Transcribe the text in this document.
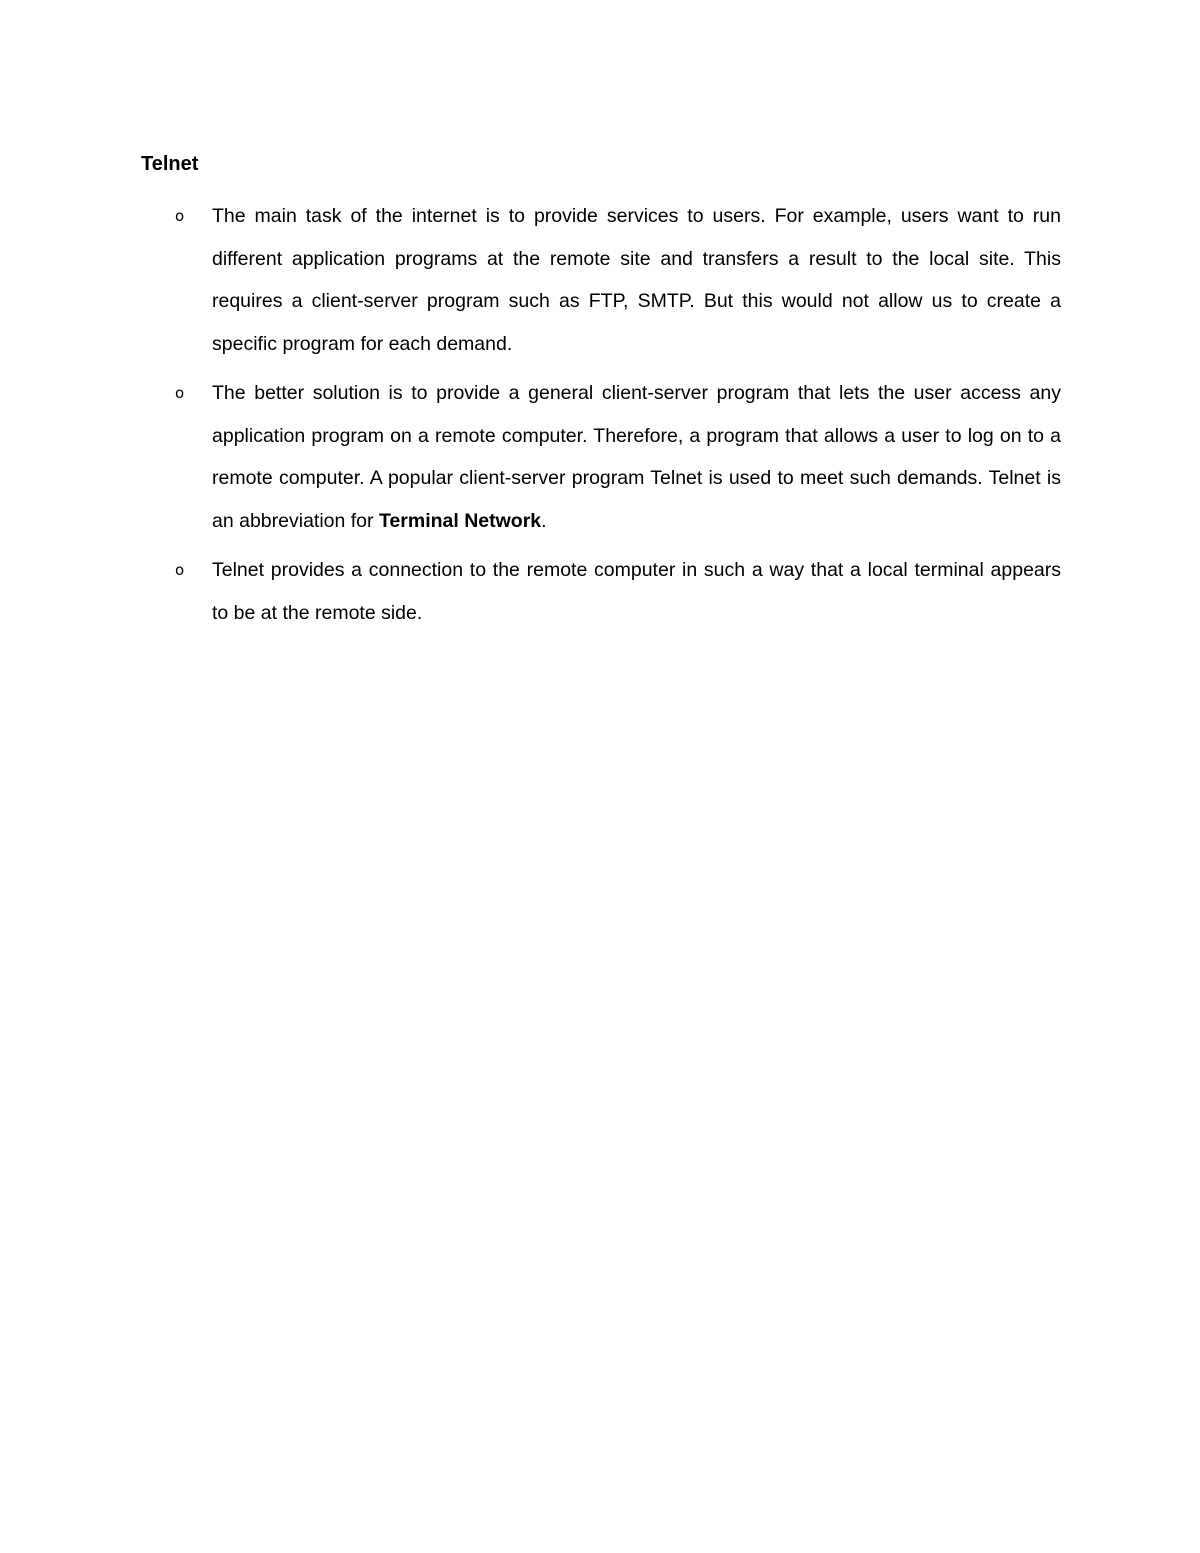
Telnet
o The main task of the internet is to provide services to users. For example, users want to run different application programs at the remote site and transfers a result to the local site. This requires a client-server program such as FTP, SMTP. But this would not allow us to create a specific program for each demand.
o The better solution is to provide a general client-server program that lets the user access any application program on a remote computer. Therefore, a program that allows a user to log on to a remote computer. A popular client-server program Telnet is used to meet such demands. Telnet is an abbreviation for Terminal Network.
o Telnet provides a connection to the remote computer in such a way that a local terminal appears to be at the remote side.
